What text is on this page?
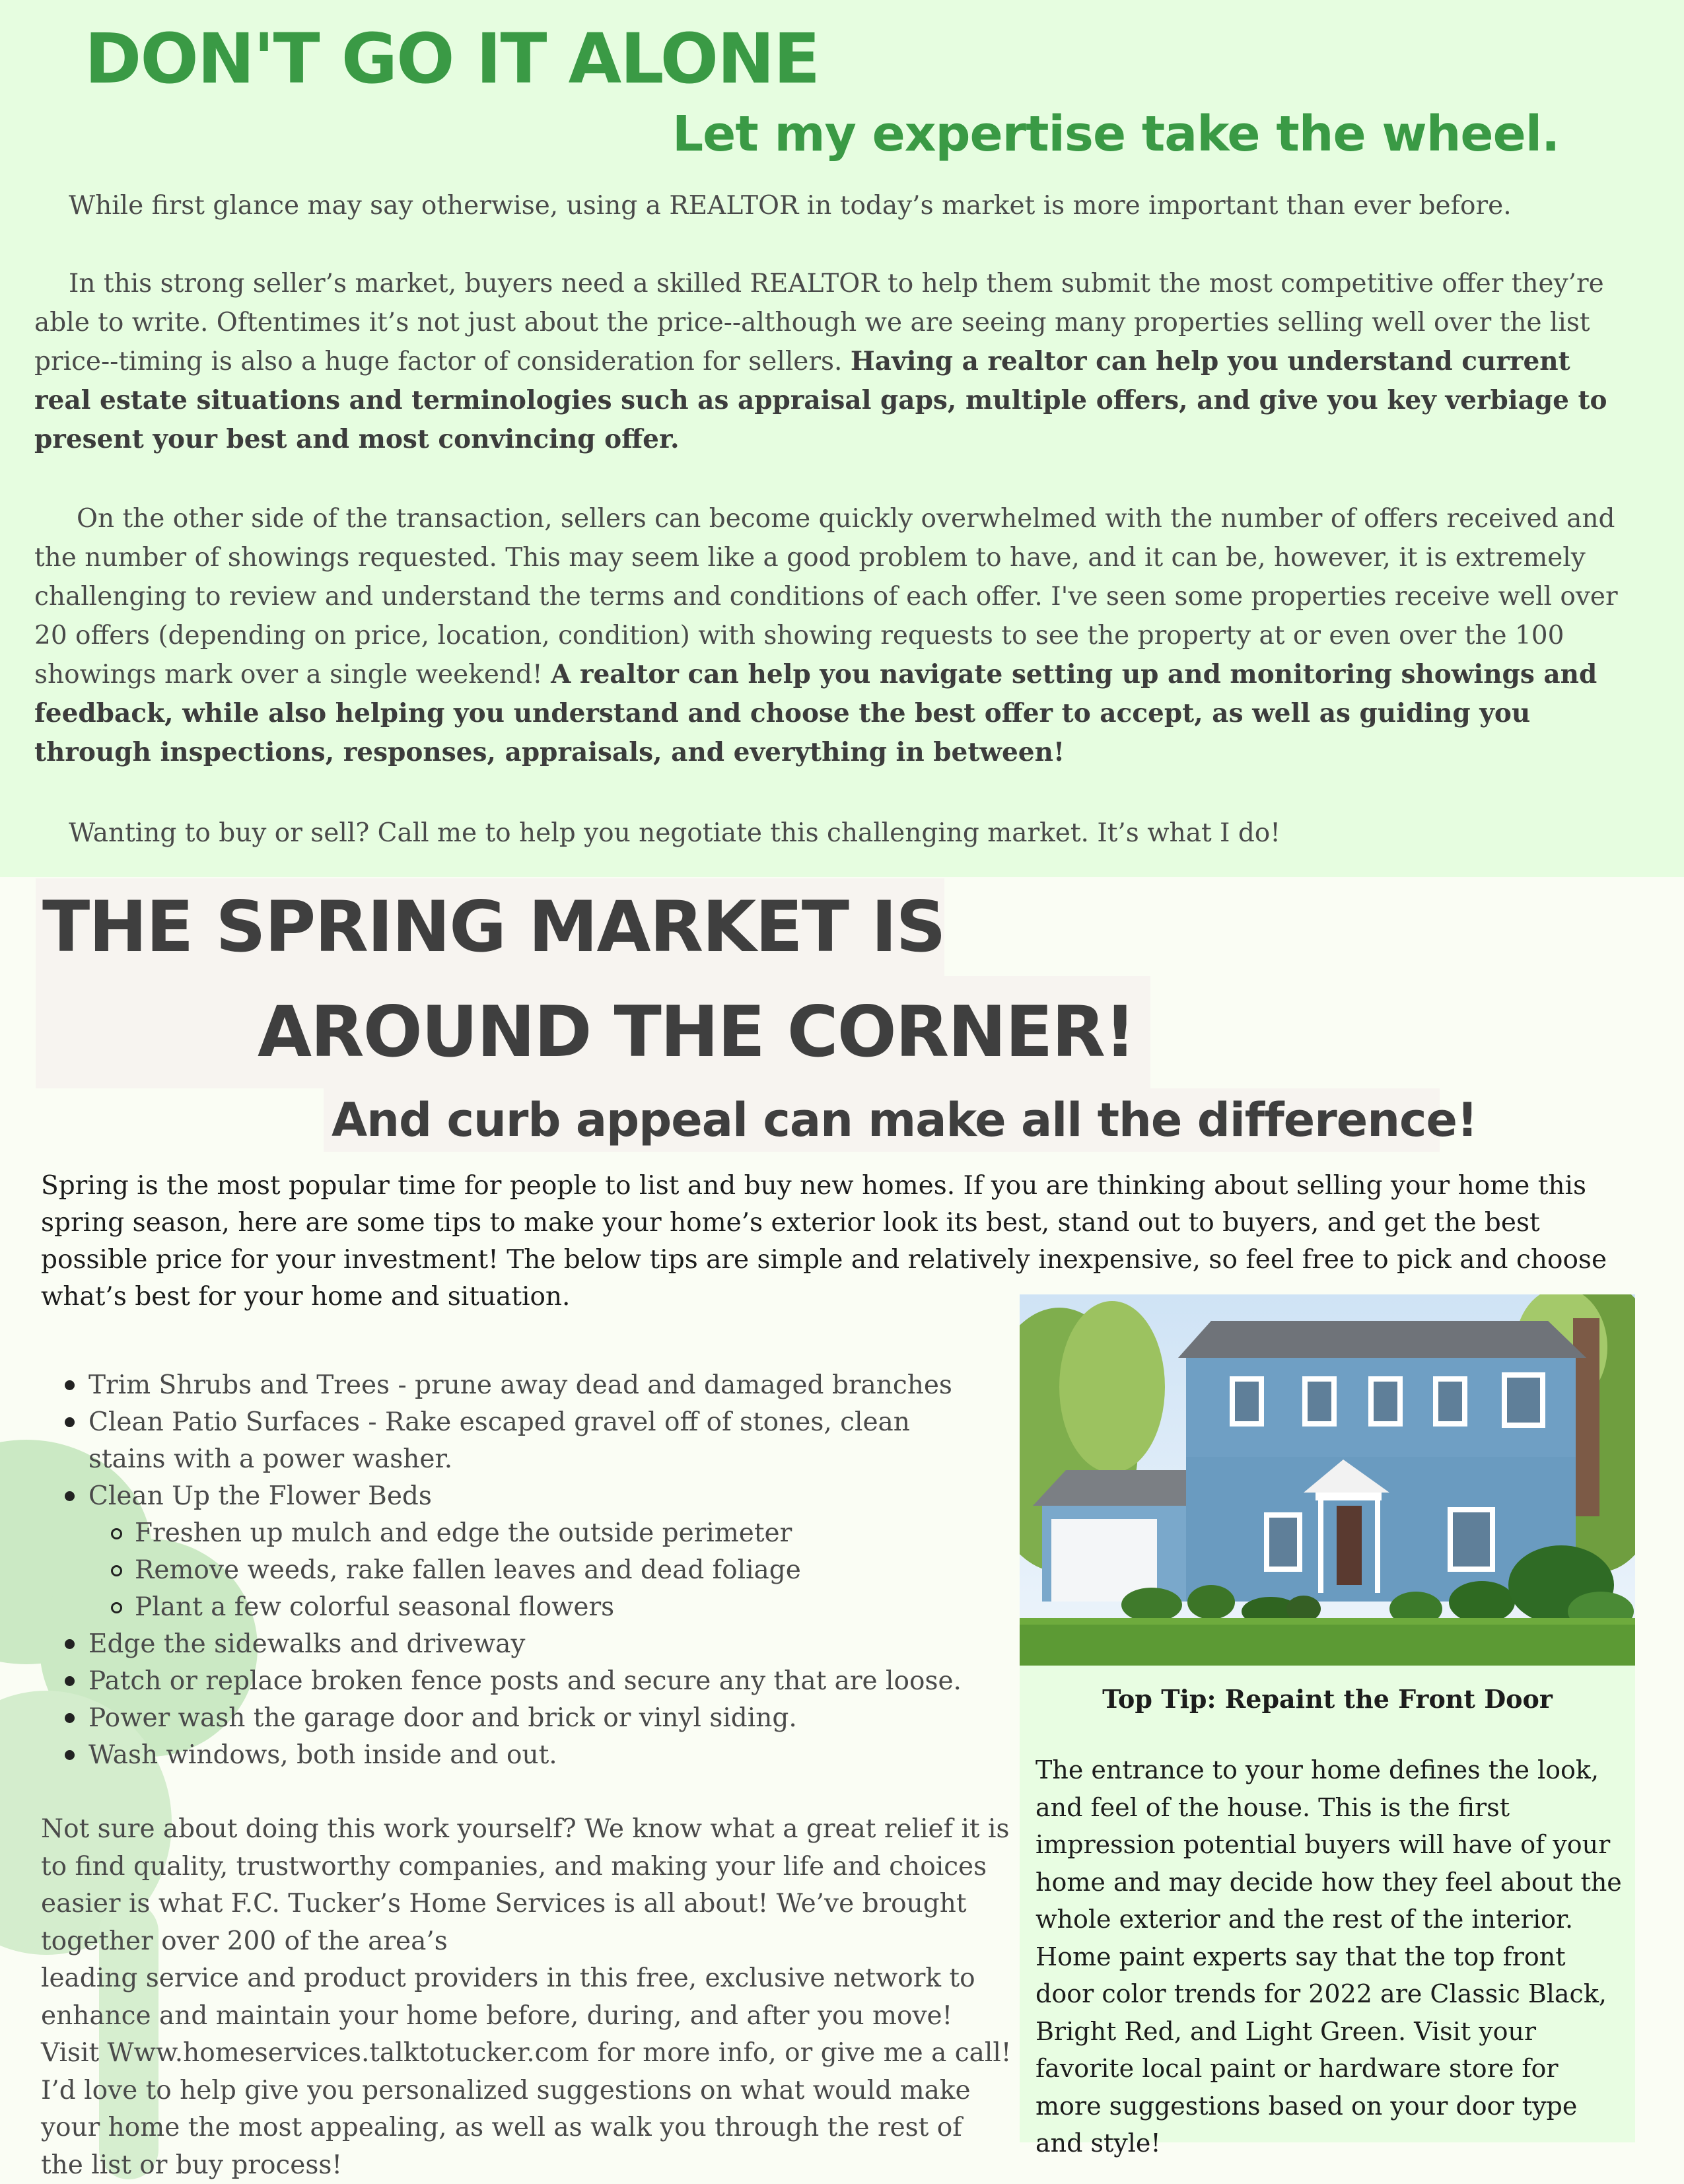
DON'T GO IT ALONE
Let my expertise take the wheel.

While first glance may say otherwise, using a REALTOR in today’s market is more important than ever before.

In this strong seller’s market, buyers need a skilled REALTOR to help them submit the most competitive offer they’re able to write. Oftentimes it’s not just about the price--although we are seeing many properties selling well over the list price--timing is also a huge factor of consideration for sellers. Having a realtor can help you understand current real estate situations and terminologies such as appraisal gaps, multiple offers, and give you key verbiage to present your best and most convincing offer.

On the other side of the transaction, sellers can become quickly overwhelmed with the number of offers received and the number of showings requested. This may seem like a good problem to have, and it can be, however, it is extremely challenging to review and understand the terms and conditions of each offer. I've seen some properties receive well over 20 offers (depending on price, location, condition) with showing requests to see the property at or even over the 100 showings mark over a single weekend! A realtor can help you navigate setting up and monitoring showings and feedback, while also helping you understand and choose the best offer to accept, as well as guiding you through inspections, responses, appraisals, and everything in between!

Wanting to buy or sell? Call me to help you negotiate this challenging market. It’s what I do!

THE SPRING MARKET IS
AROUND THE CORNER!
And curb appeal can make all the difference!

Spring is the most popular time for people to list and buy new homes. If you are thinking about selling your home this spring season, here are some tips to make your home’s exterior look its best, stand out to buyers, and get the best possible price for your investment! The below tips are simple and relatively inexpensive, so feel free to pick and choose what’s best for your home and situation.

Trim Shrubs and Trees - prune away dead and damaged branches
Clean Patio Surfaces - Rake escaped gravel off of stones, clean stains with a power washer.
Clean Up the Flower Beds
Freshen up mulch and edge the outside perimeter
Remove weeds, rake fallen leaves and dead foliage
Plant a few colorful seasonal flowers
Edge the sidewalks and driveway
Patch or replace broken fence posts and secure any that are loose.
Power wash the garage door and brick or vinyl siding.
Wash windows, both inside and out.

Not sure about doing this work yourself? We know what a great relief it is to find quality, trustworthy companies, and making your life and choices easier is what F.C. Tucker’s Home Services is all about! We’ve brought together over 200 of the area’s
leading service and product providers in this free, exclusive network to enhance and maintain your home before, during, and after you move! Visit Www.homeservices.talktotucker.com for more info, or give me a call! I’d love to help give you personalized suggestions on what would make your home the most appealing, as well as walk you through the rest of the list or buy process!

Top Tip: Repaint the Front Door

The entrance to your home defines the look, and feel of the house. This is the first impression potential buyers will have of your home and may decide how they feel about the whole exterior and the rest of the interior. Home paint experts say that the top front door color trends for 2022 are Classic Black, Bright Red, and Light Green. Visit your favorite local paint or hardware store for more suggestions based on your door type and style!
